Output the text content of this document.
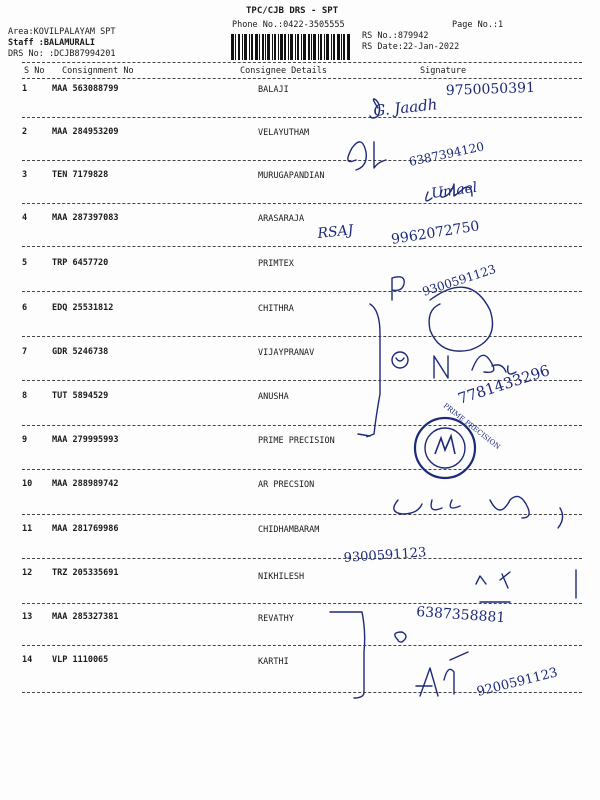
TPC/CJB DRS - SPT
Phone No.:0422-3505555	Page No.:1
Area:KOVILPALAYAM SPT
Staff :BALAMURALI
DRS No: :DCJB87994201
RS No.:879942
RS Date:22-Jan-2022
S No Consignment No	Consignee Details	Signature
1	MAA 563088799	BALAJI
2	MAA 284953209	VELAYUTHAM
3	TEN 7179828	MURUGAPANDIAN
4	MAA 287397083	ARASARAJA
5	TRP 6457720	PRIMTEX
6	EDQ 25531812	CHITHRA
7	GDR 5246738	VIJAYPRANAV
8	TUT 5894529	ANUSHA
9	MAA 279995993	PRIME PRECISION
10 MAA 288989742	AR PRECSION
11 MAA 281769986	CHIDHAMBARAM
12 TRZ 205335691	NIKHILESH
13 MAA 285327381	REVATHY
14 VLP 1110065	KARTHI
PRIME PRECISION
9750050391
G. Jaadh
6387394120
Umael
RSAJ	9962072750
9300591123
7781433296
9300591123
6387358881
9200591123
